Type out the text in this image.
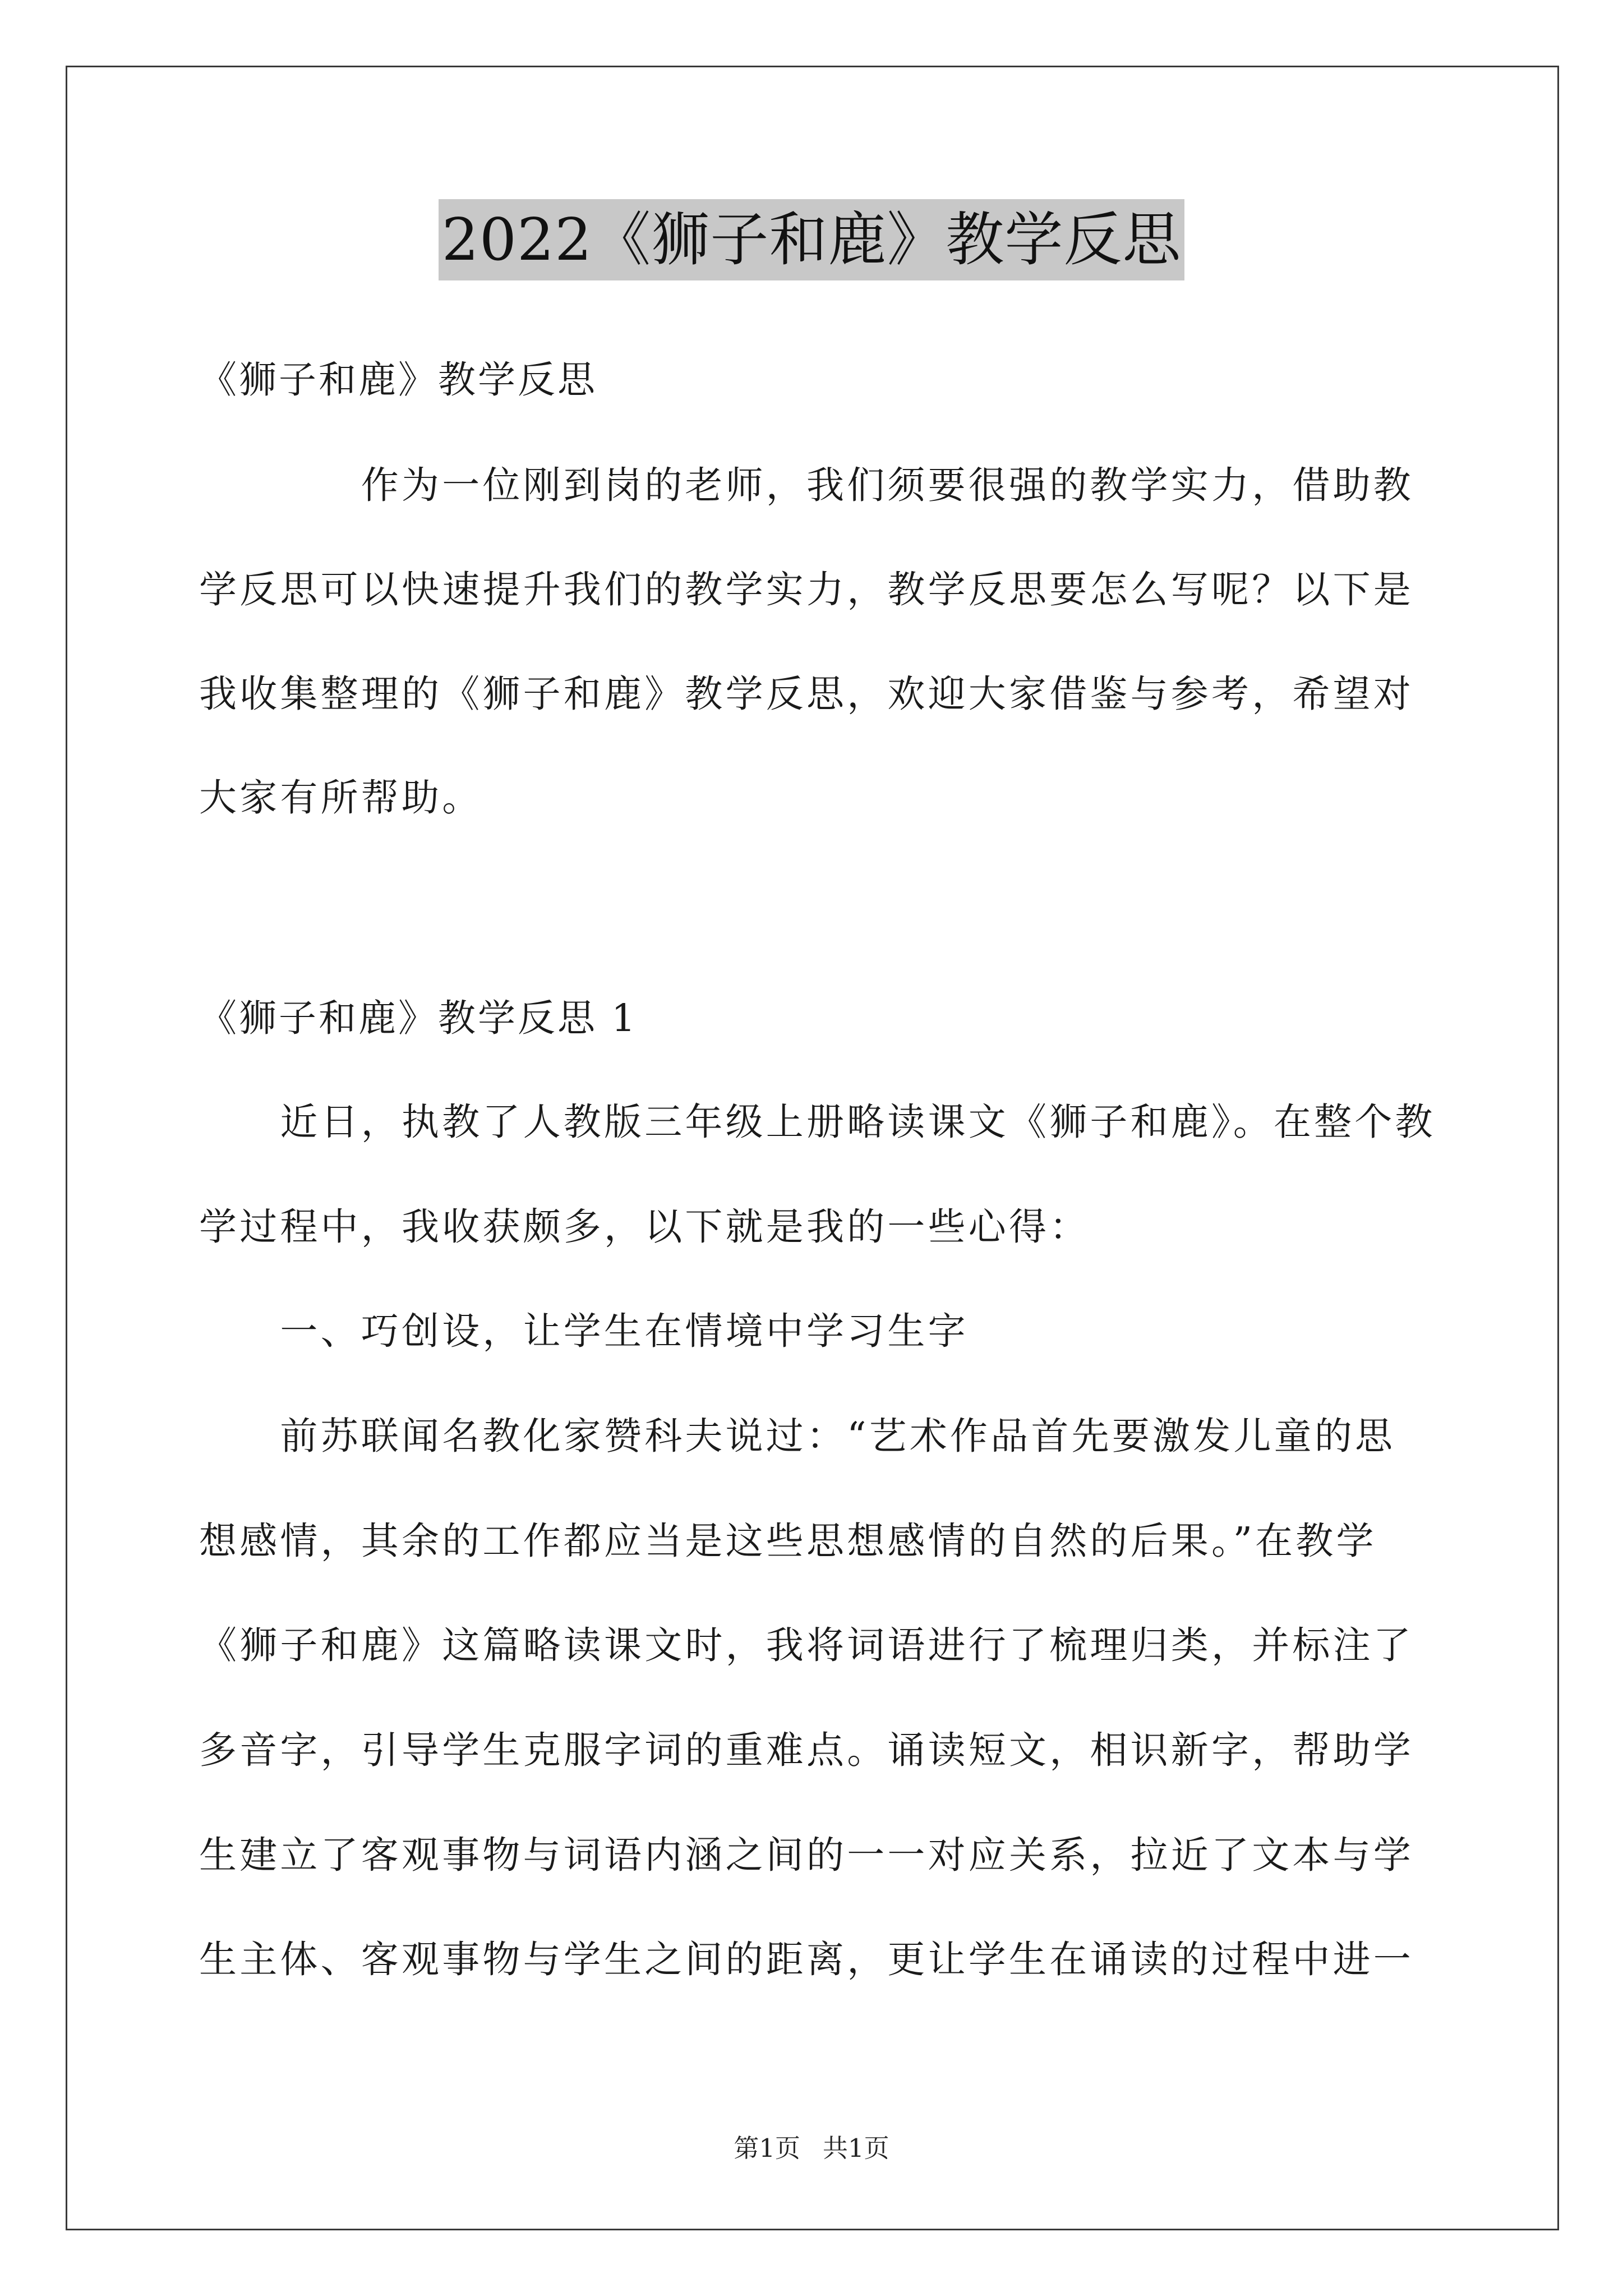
2022《狮子和鹿》教学反思
《狮子和鹿》教学反思
　　　　作为一位刚到岗的老师，我们须要很强的教学实力，借助教
学反思可以快速提升我们的教学实力，教学反思要怎么写呢？以下是
我收集整理的《狮子和鹿》教学反思，欢迎大家借鉴与参考，希望对
大家有所帮助。
《狮子和鹿》教学反思 1
　　近日，执教了人教版三年级上册略读课文《狮子和鹿》。在整个教
学过程中，我收获颇多，以下就是我的一些心得：
　　一、巧创设，让学生在情境中学习生字
　　前苏联闻名教化家赞科夫说过：“艺术作品首先要激发儿童的思
想感情，其余的工作都应当是这些思想感情的自然的后果。”在教学
《狮子和鹿》这篇略读课文时，我将词语进行了梳理归类，并标注了
多音字，引导学生克服字词的重难点。诵读短文，相识新字，帮助学
生建立了客观事物与词语内涵之间的一一对应关系，拉近了文本与学
生主体、客观事物与学生之间的距离，更让学生在诵读的过程中进一
第1页 共1页
